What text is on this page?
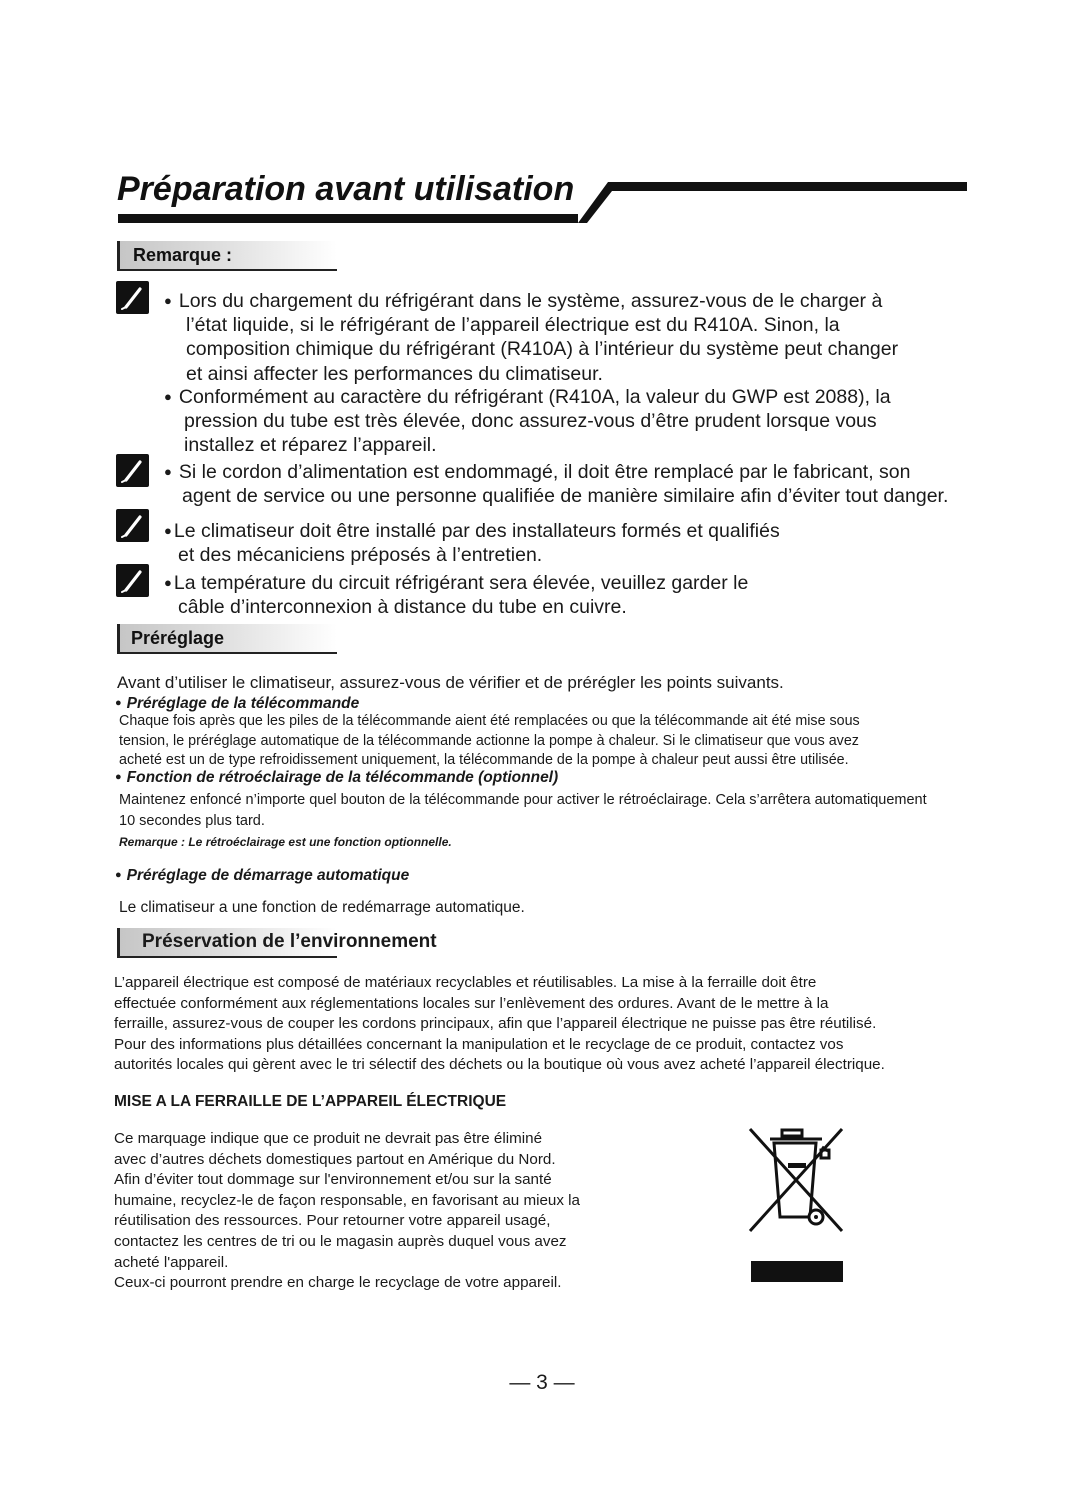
Préparation avant utilisation
Remarque :
● Lors du chargement du réfrigérant dans le système, assurez-vous de le charger à
l’état liquide, si le réfrigérant de l’appareil électrique est du R410A. Sinon, la
composition chimique du réfrigérant (R410A) à l’intérieur du système peut changer
et ainsi affecter les performances du climatiseur.
● Conformément au caractère du réfrigérant (R410A, la valeur du GWP est 2088), la
pression du tube est très élevée, donc assurez-vous d’être prudent lorsque vous
installez et réparez l’appareil.
● Si le cordon d’alimentation est endommagé, il doit être remplacé par le fabricant, son
agent de service ou une personne qualifiée de manière similaire afin d’éviter tout danger.
● Le climatiseur doit être installé par des installateurs formés et qualifiés
et des mécaniciens préposés à l’entretien.
● La température du circuit réfrigérant sera élevée, veuillez garder le
câble d’interconnexion à distance du tube en cuivre.
Préréglage
Avant d’utiliser le climatiseur, assurez-vous de vérifier et de prérégler les points suivants.
● Préréglage de la télécommande
Chaque fois après que les piles de la télécommande aient été remplacées ou que la télécommande ait été mise sous
tension, le préréglage automatique de la télécommande actionne la pompe à chaleur. Si le climatiseur que vous avez
acheté est un de type refroidissement uniquement, la télécommande de la pompe à chaleur peut aussi être utilisée.
● Fonction de rétroéclairage de la télécommande (optionnel)
Maintenez enfoncé n’importe quel bouton de la télécommande pour activer le rétroéclairage. Cela s’arrêtera automatiquement
10 secondes plus tard.
Remarque : Le rétroéclairage est une fonction optionnelle.
● Préréglage de démarrage automatique
Le climatiseur a une fonction de redémarrage automatique.
Préservation de l’environnement
L’appareil électrique est composé de matériaux recyclables et réutilisables. La mise à la ferraille doit être
effectuée conformément aux réglementations locales sur l’enlèvement des ordures. Avant de le mettre à la
ferraille, assurez-vous de couper les cordons principaux, afin que l’appareil électrique ne puisse pas être réutilisé.
Pour des informations plus détaillées concernant la manipulation et le recyclage de ce produit, contactez vos
autorités locales qui gèrent avec le tri sélectif des déchets ou la boutique où vous avez acheté l’appareil électrique.
MISE A LA FERRAILLE DE L’APPAREIL ÉLECTRIQUE
Ce marquage indique que ce produit ne devrait pas être éliminé
avec d’autres déchets domestiques partout en Amérique du Nord.
Afin d’éviter tout dommage sur l'environnement et/ou sur la santé
humaine, recyclez-le de façon responsable, en favorisant au mieux la
réutilisation des ressources. Pour retourner votre appareil usagé,
contactez les centres de tri ou le magasin auprès duquel vous avez
acheté l'appareil.
Ceux-ci pourront prendre en charge le recyclage de votre appareil.
— 3 —
